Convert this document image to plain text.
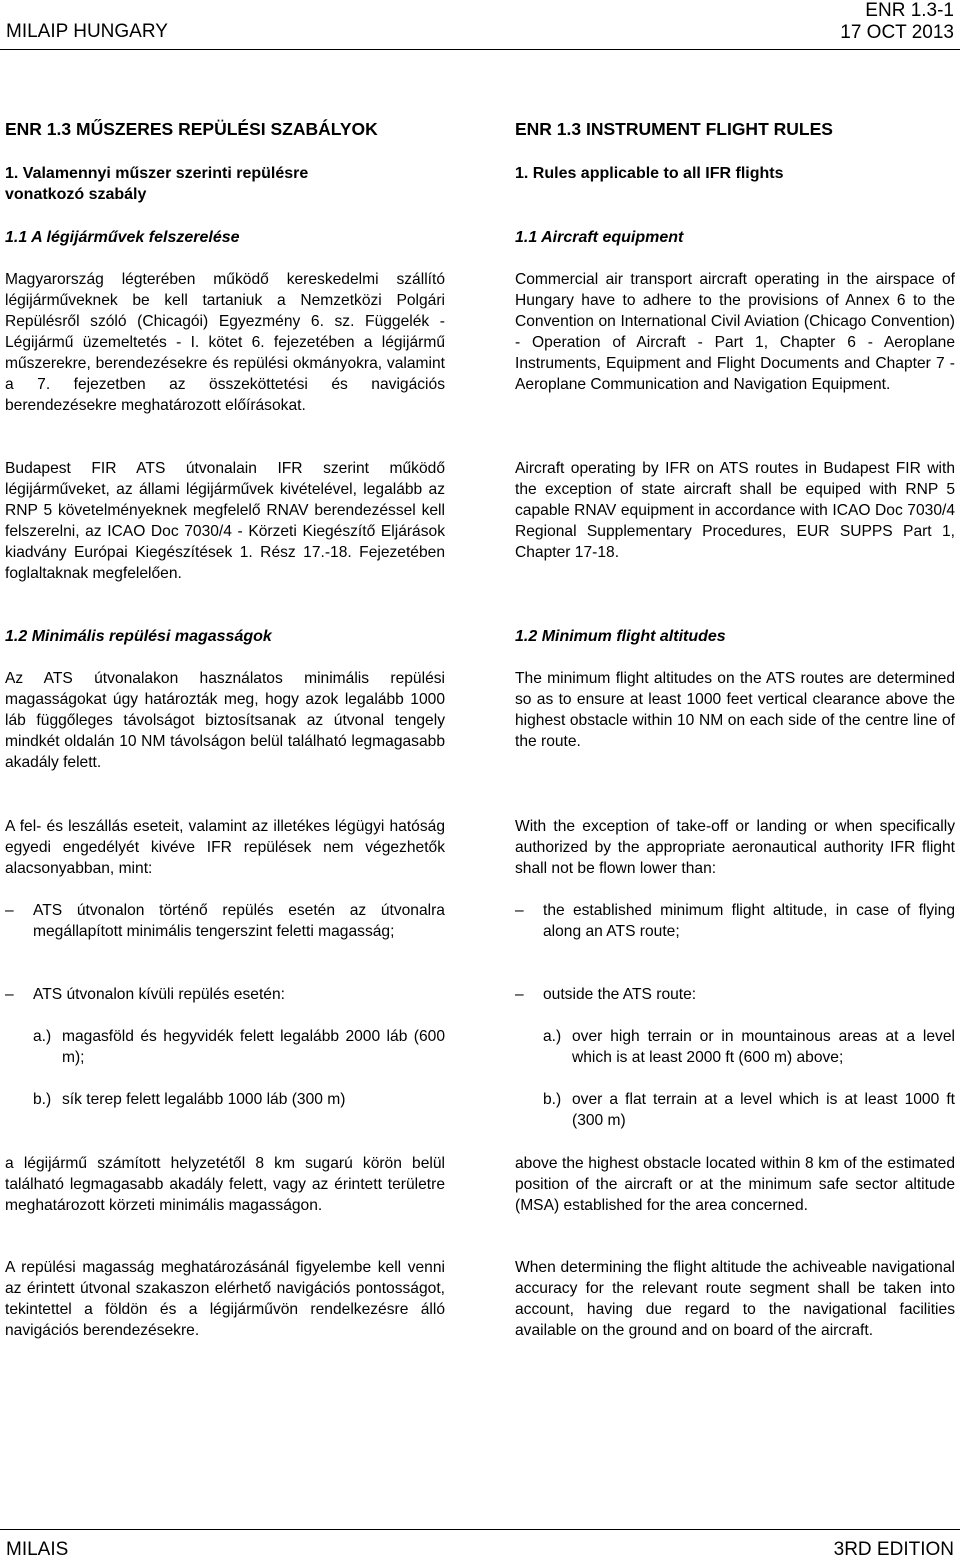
MILAIP HUNGARY
ENR 1.3-1
17 OCT 2013
ENR 1.3 MŰSZERES REPÜLÉSI SZABÁLYOK
1. Valamennyi műszer szerinti repülésre
vonatkozó szabály
1.1 A légijárművek felszerelése

Magyarország légterében működő kereskedelmi szállító légijárműveknek be kell tartaniuk a Nemzetközi Polgári Repülésről szóló (Chicagói) Egyezmény 6. sz. Függelék - Légijármű üzemeltetés - I. kötet 6. fejezetében a légijármű műszerekre, berendezésekre és repülési okmányokra, valamint a 7. fejezetben az összeköttetési és navigációs berendezésekre meghatározott előírásokat.

Budapest FIR ATS útvonalain IFR szerint működő légijárműveket, az állami légijárművek kivételével, legalább az RNP 5 követelményeknek megfelelő RNAV berendezéssel kell felszerelni, az ICAO Doc 7030/4 - Körzeti Kiegészítő Eljárások kiadvány Európai Kiegészítések 1. Rész 17.-18. Fejezetében foglaltaknak megfelelően.

1.2 Minimális repülési magasságok

Az ATS útvonalakon használatos minimális repülési magasságokat úgy határozták meg, hogy azok legalább 1000 láb függőleges távolságot biztosítsanak az útvonal tengely mindkét oldalán 10 NM távolságon belül található legmagasabb akadály felett.

A fel- és leszállás eseteit, valamint az illetékes légügyi hatóság egyedi engedélyét kivéve IFR repülések nem végezhetők alacsonyabban, mint:

– ATS útvonalon történő repülés esetén az útvonalra megállapított minimális tengerszint feletti magasság;
– ATS útvonalon kívüli repülés esetén:
a.) magasföld és hegyvidék felett legalább 2000 láb (600 m);
b.) sík terep felett legalább 1000 láb (300 m)

a légijármű számított helyzetétől 8 km sugarú körön belül található legmagasabb akadály felett, vagy az érintett területre meghatározott körzeti minimális magasságon.

A repülési magasság meghatározásánál figyelembe kell venni az érintett útvonal szakaszon elérhető navigációs pontosságot, tekintettel a földön és a légijárművön rendelkezésre álló navigációs berendezésekre.

ENR 1.3 INSTRUMENT FLIGHT RULES
1. Rules applicable to all IFR flights
1.1 Aircraft equipment

Commercial air transport aircraft operating in the airspace of Hungary have to adhere to the provisions of Annex 6 to the Convention on International Civil Aviation (Chicago Convention) - Operation of Aircraft - Part 1, Chapter 6 - Aeroplane Instruments, Equipment and Flight Documents and Chapter 7 - Aeroplane Communication and Navigation Equipment.

Aircraft operating by IFR on ATS routes in Budapest FIR with the exception of state aircraft shall be equiped with RNP 5 capable RNAV equipment in accordance with ICAO Doc 7030/4 Regional Supplementary Procedures, EUR SUPPS Part 1, Chapter 17-18.

1.2 Minimum flight altitudes

The minimum flight altitudes on the ATS routes are determined so as to ensure at least 1000 feet vertical clearance above the highest obstacle within 10 NM on each side of the centre line of the route.

With the exception of take-off or landing or when specifically authorized by the appropriate aeronautical authority IFR flight shall not be flown lower than:

– the established minimum flight altitude, in case of flying along an ATS route;
– outside the ATS route:
a.) over high terrain or in mountainous areas at a level which is at least 2000 ft (600 m) above;
b.) over a flat terrain at a level which is at least 1000 ft (300 m)

above the highest obstacle located within 8 km of the estimated position of the aircraft or at the minimum safe sector altitude (MSA) established for the area concerned.

When determining the flight altitude the achiveable navigational accuracy for the relevant route segment shall be taken into account, having due regard to the navigational facilities available on the ground and on board of the aircraft.

MILAIS	3RD EDITION
